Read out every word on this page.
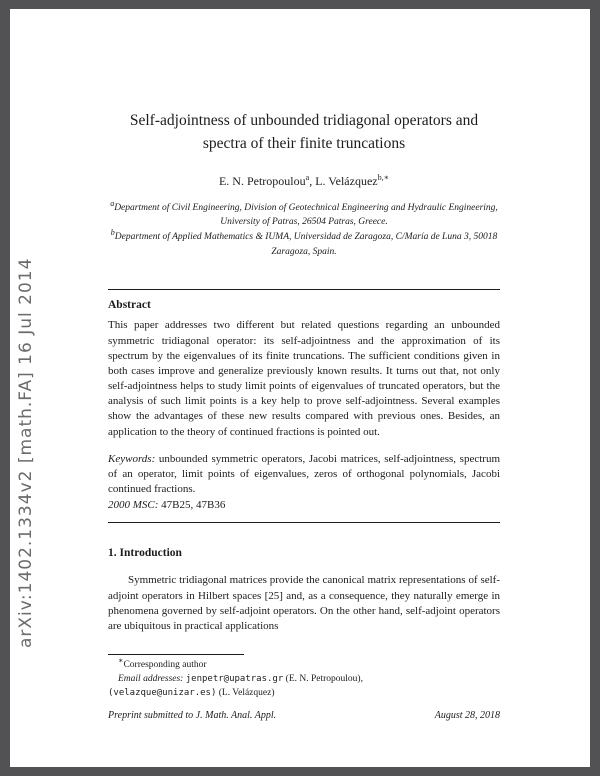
arXiv:1402.1334v2 [math.FA] 16 Jul 2014
Self-adjointness of unbounded tridiagonal operators and
spectra of their finite truncations
E. N. Petropoulou$^a$, L. Velázquez$^{b,∗}$
$^a$Department of Civil Engineering, Division of Geotechnical Engineering and Hydraulic Engineering, University of Patras, 26504 Patras, Greece.
$^b$Department of Applied Mathematics & IUMA, Universidad de Zaragoza, C/María de Luna 3, 50018 Zaragoza, Spain.
Abstract

This paper addresses two different but related questions regarding an unbounded symmetric tridiagonal operator: its self-adjointness and the approximation of its spectrum by the eigenvalues of its finite truncations. The sufficient conditions given in both cases improve and generalize previously known results. It turns out that, not only self-adjointness helps to study limit points of eigenvalues of truncated operators, but the analysis of such limit points is a key help to prove self-adjointness. Several examples show the advantages of these new results compared with previous ones. Besides, an application to the theory of continued fractions is pointed out.

Keywords: unbounded symmetric operators, Jacobi matrices, self-adjointness, spectrum of an operator, limit points of eigenvalues, zeros of orthogonal polynomials, Jacobi continued fractions.

2000 MSC: 47B25, 47B36

1. Introduction

Symmetric tridiagonal matrices provide the canonical matrix representations of self-adjoint operators in Hilbert spaces [25] and, as a consequence, they naturally emerge in phenomena governed by self-adjoint operators. On the other hand, self-adjoint operators are ubiquitous in practical applications

∗Corresponding author
Email addresses: jenpetr@upatras.gr (E. N. Petropoulou),
(velazque@unizar.es) (L. Velázquez)
Preprint submitted to J. Math. Anal. Appl.	August 28, 2018
